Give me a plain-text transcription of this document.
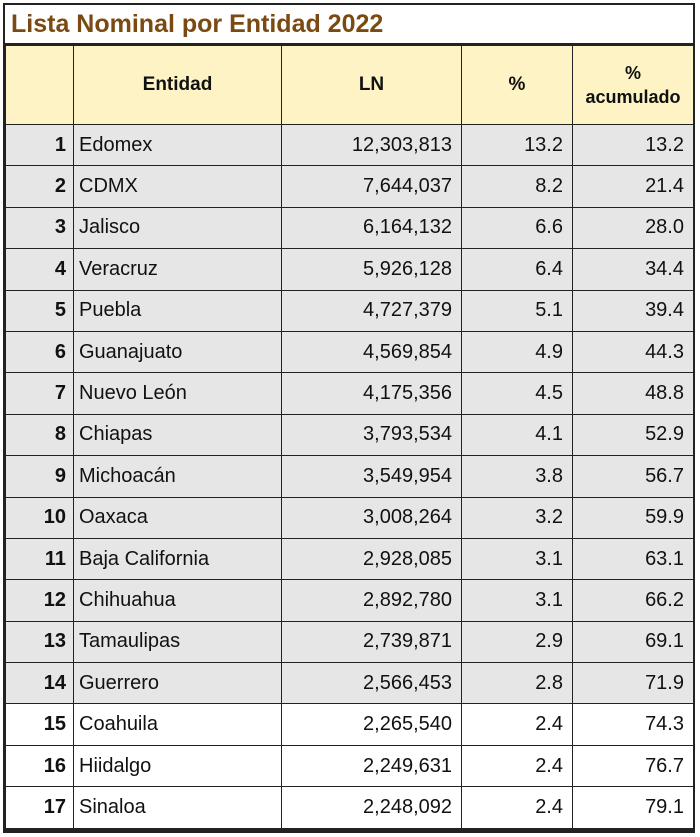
Lista Nominal por Entidad 2022
	Entidad	LN	%	%
acumulado
1	Edomex	12,303,813	13.2	13.2
2	CDMX	7,644,037	8.2	21.4
3	Jalisco	6,164,132	6.6	28.0
4	Veracruz	5,926,128	6.4	34.4
5	Puebla	4,727,379	5.1	39.4
6	Guanajuato	4,569,854	4.9	44.3
7	Nuevo León	4,175,356	4.5	48.8
8	Chiapas	3,793,534	4.1	52.9
9	Michoacán	3,549,954	3.8	56.7
10	Oaxaca	3,008,264	3.2	59.9
11	Baja California	2,928,085	3.1	63.1
12	Chihuahua	2,892,780	3.1	66.2
13	Tamaulipas	2,739,871	2.9	69.1
14	Guerrero	2,566,453	2.8	71.9
15	Coahuila	2,265,540	2.4	74.3
16	Hiidalgo	2,249,631	2.4	76.7
17	Sinaloa	2,248,092	2.4	79.1
